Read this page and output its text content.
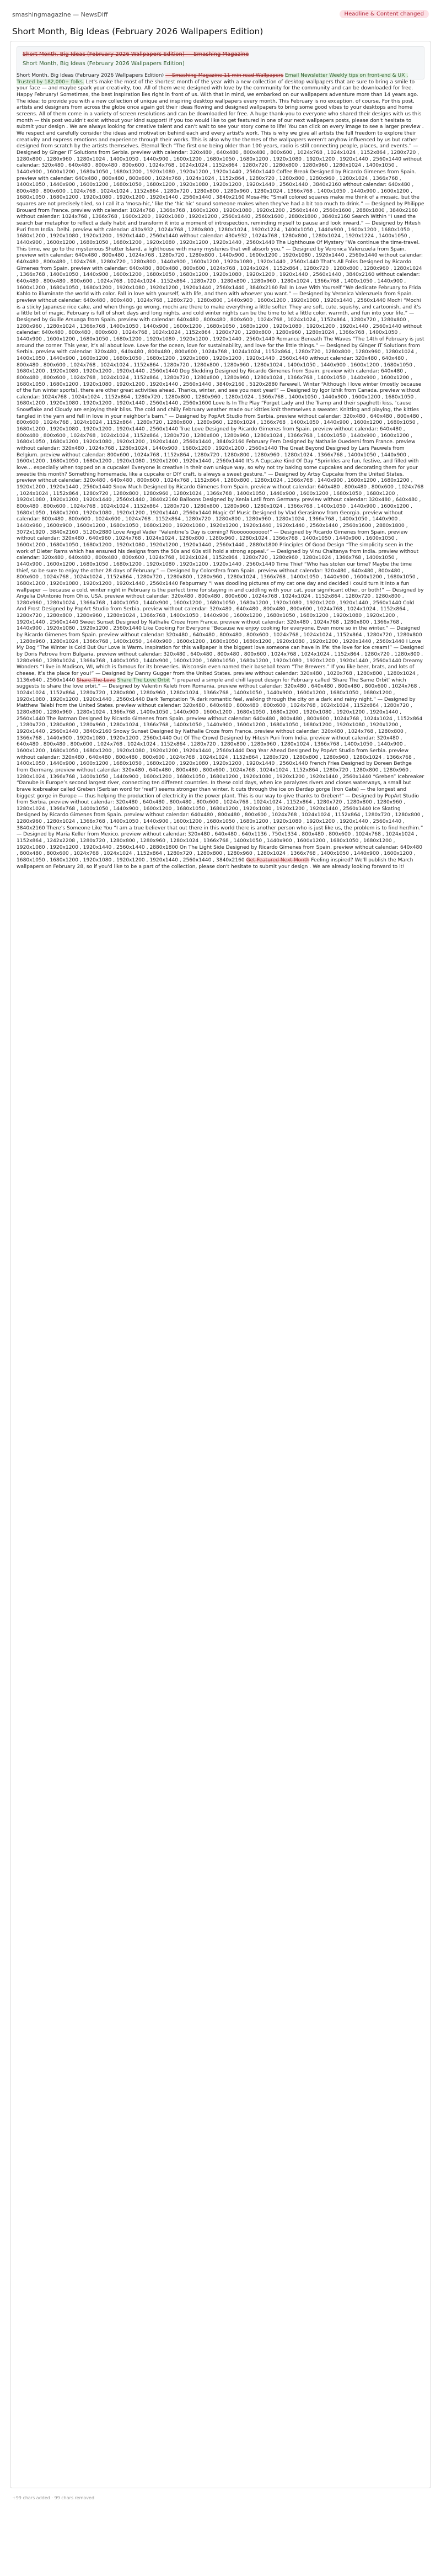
smashingmagazine — NewsDiff	Headline & Content changed
Short Month, Big Ideas (February 2026 Wallpapers Edition)
Short Month, Big Ideas (February 2026 Wallpapers Edition) — Smashing Magazine
Short Month, Big Ideas (February 2026 Wallpapers Edition)
Short Month, Big Ideas (February 2026 Wallpapers Edition) — Smashing Magazine 11 min read Wallpapers Email Newsletter Weekly tips on front-end & UX . Trusted by 182,000+ folks. Let's make the most of the shortest month of the year with a new collection of desktop wallpapers that are sure to bring a smile to your face — and maybe spark your creativity, too. All of them were designed with love by the community for the community and can be downloaded for free. Happy February! Sometimes, the best inspiration lies right in front of us. With that in mind, we embarked on our wallpapers adventure more than 14 years ago. The idea: to provide you with a new collection of unique and inspiring desktop wallpapers every month. This February is no exception, of course. For this post, artists and designers from across the globe once again got their ideas flowing and designed wallpapers to bring some good vibes to your desktops and home screens. All of them come in a variety of screen resolutions and can be downloaded for free. A huge thank-you to everyone who shared their designs with us this month — this post wouldn't exist without your kind support! If you too would like to get featured in one of our next wallpapers posts, please don't hesitate to submit your design . We are always looking for creative talent and can't wait to see your story come to life! You can click on every image to see a larger preview . We respect and carefully consider the ideas and motivation behind each and every artist's work. This is why we give all artists the full freedom to explore their creativity and express emotions and experience through their works. This is also why the themes of the wallpapers weren't anyhow influenced by us but rather designed from scratch by the artists themselves. Eternal Tech “The first one being older than 100 years, radio is still connecting people, places, and events.” — Designed by Ginger IT Solutions from Serbia. preview with calendar: 320x480 , 640x480 , 800x480 , 800x600 , 1024x768 , 1024x1024 , 1152x864 , 1280x720 , 1280x800 , 1280x960 , 1280x1024 , 1400x1050 , 1440x900 , 1600x1200 , 1680x1050 , 1680x1200 , 1920x1080 , 1920x1200 , 1920x1440 , 2560x1440 without calendar: 320x480 , 640x480 , 800x480 , 800x600 , 1024x768 , 1024x1024 , 1152x864 , 1280x720 , 1280x800 , 1280x960 , 1280x1024 , 1400x1050 , 1440x900 , 1600x1200 , 1680x1050 , 1680x1200 , 1920x1080 , 1920x1200 , 1920x1440 , 2560x1440 Coffee Break Designed by Ricardo Gimenes from Spain. preview with calendar: 640x480 , 800x480 , 800x600 , 1024x768 , 1024x1024 , 1152x864 , 1280x720 , 1280x800 , 1280x960 , 1280x1024 , 1366x768 , 1400x1050 , 1440x900 , 1600x1200 , 1680x1050 , 1680x1200 , 1920x1080 , 1920x1200 , 1920x1440 , 2560x1440 , 3840x2160 without calendar: 640x480 , 800x480 , 800x600 , 1024x768 , 1024x1024 , 1152x864 , 1280x720 , 1280x800 , 1280x960 , 1280x1024 , 1366x768 , 1400x1050 , 1440x900 , 1600x1200 , 1680x1050 , 1680x1200 , 1920x1080 , 1920x1200 , 1920x1440 , 2560x1440 , 3840x2160 Mosa-Hic “Small colored squares make me think of a mosaic, but the squares are not precisely tiled, so I call it a ‘mosa-hic,’ like the ‘hic hic’ sound someone makes when they've had a bit too much to drink.” — Designed by Philippe Brouard from France. preview with calendar: 1024x768 , 1366x768 , 1600x1200 , 1920x1080 , 1920x1200 , 2560x1440 , 2560x1600 , 2880x1800 , 3840x2160 without calendar: 1024x768 , 1366x768 , 1600x1200 , 1920x1080 , 1920x1200 , 2560x1440 , 2560x1600 , 2880x1800 , 3840x2160 Search Within “I used the search bar metaphor to reflect a daily habit and transform it into a moment of introspection, reminding myself to pause and look inward.” — Designed by Hitesh Puri from India. Delhi. preview with calendar: 430x932 , 1024x768 , 1280x800 , 1280x1024 , 1920x1224 , 1400x1050 , 1440x900 , 1600x1200 , 1680x1050 , 1680x1200 , 1920x1080 , 1920x1200 , 1920x1440 , 2560x1440 without calendar: 430x932 , 1024x768 , 1280x800 , 1280x1024 , 1920x1224 , 1400x1050 , 1440x900 , 1600x1200 , 1680x1050 , 1680x1200 , 1920x1080 , 1920x1200 , 1920x1440 , 2560x1440 The Lighthouse Of Mystery “We continue the time-travel. This time, we go to the mysterious Shutter Island, a lighthouse with many mysteries that will absorb you.” — Designed by Veronica Valenzuela from Spain. preview with calendar: 640x480 , 800x480 , 1024x768 , 1280x720 , 1280x800 , 1440x900 , 1600x1200 , 1920x1080 , 1920x1440 , 2560x1440 without calendar: 640x480 , 800x480 , 1024x768 , 1280x720 , 1280x800 , 1440x900 , 1600x1200 , 1920x1080 , 1920x1440 , 2560x1440 That's All Folks Designed by Ricardo Gimenes from Spain. preview with calendar: 640x480 , 800x480 , 800x600 , 1024x768 , 1024x1024 , 1152x864 , 1280x720 , 1280x800 , 1280x960 , 1280x1024 , 1366x768 , 1400x1050 , 1440x900 , 1600x1200 , 1680x1050 , 1680x1200 , 1920x1080 , 1920x1200 , 1920x1440 , 2560x1440 , 3840x2160 without calendar: 640x480 , 800x480 , 800x600 , 1024x768 , 1024x1024 , 1152x864 , 1280x720 , 1280x800 , 1280x960 , 1280x1024 , 1366x768 , 1400x1050 , 1440x900 , 1600x1200 , 1680x1050 , 1680x1200 , 1920x1080 , 1920x1200 , 1920x1440 , 2560x1440 , 3840x2160 Fall In Love With Yourself “We dedicate February to Frida Kahlo to illuminate the world with color. Fall in love with yourself, with life, and then with whoever you want.” — Designed by Veronica Valenzuela from Spain. preview without calendar: 640x480 , 800x480 , 1024x768 , 1280x720 , 1280x800 , 1440x900 , 1600x1200 , 1920x1080 , 1920x1440 , 2560x1440 Mochi “Mochi is a sticky Japanese rice cake, and when things go wrong, mochi are there to make everything a little softer. They are soft, cute, squishy, and cartoonish, and it's a little bit of magic. February is full of short days and long nights, and cold winter nights can be the time to let a little color, warmth, and fun into your life.” — Designed by Guille Arsuaga from Spain. preview with calendar: 640x480 , 800x480 , 800x600 , 1024x768 , 1024x1024 , 1152x864 , 1280x720 , 1280x800 , 1280x960 , 1280x1024 , 1366x768 , 1400x1050 , 1440x900 , 1600x1200 , 1680x1050 , 1680x1200 , 1920x1080 , 1920x1200 , 1920x1440 , 2560x1440 without calendar: 640x480 , 800x480 , 800x600 , 1024x768 , 1024x1024 , 1152x864 , 1280x720 , 1280x800 , 1280x960 , 1280x1024 , 1366x768 , 1400x1050 , 1440x900 , 1600x1200 , 1680x1050 , 1680x1200 , 1920x1080 , 1920x1200 , 1920x1440 , 2560x1440 Romance Beneath The Waves “The 14th of February is just around the corner. This year, it’s all about love. Love for the ocean, love for sustainability, and love for the little things.” — Designed by Ginger IT Solutions from Serbia. preview with calendar: 320x480 , 640x480 , 800x480 , 800x600 , 1024x768 , 1024x1024 , 1152x864 , 1280x720 , 1280x800 , 1280x960 , 1280x1024 , 1400x1050 , 1440x900 , 1600x1200 , 1680x1050 , 1680x1200 , 1920x1080 , 1920x1200 , 1920x1440 , 2560x1440 without calendar: 320x480 , 640x480 , 800x480 , 800x600 , 1024x768 , 1024x1024 , 1152x864 , 1280x720 , 1280x800 , 1280x960 , 1280x1024 , 1400x1050 , 1440x900 , 1600x1200 , 1680x1050 , 1680x1200 , 1920x1080 , 1920x1200 , 1920x1440 , 2560x1440 Dog Sledding Designed by Ricardo Gimenes from Spain. preview with calendar: 640x480 , 800x480 , 800x600 , 1024x768 , 1024x1024 , 1152x864 , 1280x720 , 1280x800 , 1280x960 , 1280x1024 , 1366x768 , 1400x1050 , 1440x900 , 1600x1200 , 1680x1050 , 1680x1200 , 1920x1080 , 1920x1200 , 1920x1440 , 2560x1440 , 3840x2160 , 5120x2880 Farewell, Winter “Although I love winter (mostly because of the fun winter sports), there are other great activities ahead. Thanks, winter, and see you next year!” — Designed by Igor Izhik from Canada. preview without calendar: 1024x768 , 1024x1024 , 1152x864 , 1280x720 , 1280x800 , 1280x960 , 1280x1024 , 1366x768 , 1400x1050 , 1440x900 , 1600x1200 , 1680x1050 , 1680x1200 , 1920x1080 , 1920x1200 , 1920x1440 , 2560x1440 , 2560x1600 Love Is In The Play “Forget Lady and the Tramp and their spaghetti kiss, ’cause Snowflake and Cloudy are enjoying their bliss. The cold and chilly February weather made our kitties knit themselves a sweater. Knitting and playing, the kitties tangled in the yarn and fell in love in your neighbor’s barn.” — Designed by PopArt Studio from Serbia. preview without calendar: 320x480 , 640x480 , 800x480 , 800x600 , 1024x768 , 1024x1024 , 1152x864 , 1280x720 , 1280x800 , 1280x960 , 1280x1024 , 1366x768 , 1400x1050 , 1440x900 , 1600x1200 , 1680x1050 , 1680x1200 , 1920x1080 , 1920x1200 , 1920x1440 , 2560x1440 True Love Designed by Ricardo Gimenes from Spain. preview without calendar: 640x480 , 800x480 , 800x600 , 1024x768 , 1024x1024 , 1152x864 , 1280x720 , 1280x800 , 1280x960 , 1280x1024 , 1366x768 , 1400x1050 , 1440x900 , 1600x1200 , 1680x1050 , 1680x1200 , 1920x1080 , 1920x1200 , 1920x1440 , 2560x1440 , 3840x2160 February Fern Designed by Nathalie Ouederni from France. preview without calendar: 320x480 , 1024x768 , 1280x1024 , 1440x900 , 1680x1200 , 1920x1200 , 2560x1440 The Great Beyond Designed by Lars Pauwels from Belgium. preview without calendar: 800x600 , 1024x768 , 1152x864 , 1280x720 , 1280x800 , 1280x960 , 1280x1024 , 1366x768 , 1400x1050 , 1440x900 , 1600x1200 , 1680x1050 , 1680x1200 , 1920x1080 , 1920x1200 , 1920x1440 , 2560x1440 It’s A Cupcake Kind Of Day “Sprinkles are fun, festive, and filled with love… especially when topped on a cupcake! Everyone is creative in their own unique way, so why not try baking some cupcakes and decorating them for your sweetie this month? Something homemade, like a cupcake or DIY craft, is always a sweet gesture.” — Designed by Artsy Cupcake from the United States. preview without calendar: 320x480 , 640x480 , 800x600 , 1024x768 , 1152x864 , 1280x800 , 1280x1024 , 1366x768 , 1440x900 , 1600x1200 , 1680x1200 , 1920x1200 , 1920x1440 , 2560x1440 Snow Much Designed by Ricardo Gimenes from Spain. preview without calendar: 640x480 , 800x480 , 800x600 , 1024x768 , 1024x1024 , 1152x864 , 1280x720 , 1280x800 , 1280x960 , 1280x1024 , 1366x768 , 1400x1050 , 1440x900 , 1600x1200 , 1680x1050 , 1680x1200 , 1920x1080 , 1920x1200 , 1920x1440 , 2560x1440 , 3840x2160 Balloons Designed by Xenia Latii from Germany. preview without calendar: 320x480 , 640x480 , 800x480 , 800x600 , 1024x768 , 1024x1024 , 1152x864 , 1280x720 , 1280x800 , 1280x960 , 1280x1024 , 1366x768 , 1400x1050 , 1440x900 , 1600x1200 , 1680x1050 , 1680x1200 , 1920x1080 , 1920x1200 , 1920x1440 , 2560x1440 Magic Of Music Designed by Vlad Gerasimov from Georgia. preview without calendar: 800x480 , 800x600 , 1024x600 , 1024x768 , 1152x864 , 1280x720 , 1280x800 , 1280x960 , 1280x1024 , 1366x768 , 1400x1050 , 1440x900 , 1440x960 , 1600x900 , 1600x1200 , 1680x1050 , 1680x1200 , 1920x1080 , 1920x1200 , 1920x1440 , 1920x1440 , 2560x1440 , 2560x1600 , 2880x1800 , 3072x1920 , 3840x2160 , 5120x2880 Love Angel Vader “Valentine’s Day is coming? Nooooooooooo!” — Designed by Ricardo Gimenes from Spain. preview without calendar: 320x480 , 640x960 , 1024x768 , 1024x1024 , 1280x800 , 1280x960 , 1280x1024 , 1366x768 , 1400x1050 , 1440x900 , 1600x1050 , 1600x1200 , 1680x1050 , 1680x1200 , 1920x1080 , 1920x1200 , 1920x1440 , 2560x1440 , 2880x1800 Principles Of Good Design “The simplicity seen in the work of Dieter Rams which has ensured his designs from the 50s and 60s still hold a strong appeal.” — Designed by Vinu Chaitanya from India. preview without calendar: 320x480 , 640x480 , 800x480 , 800x600 , 1024x768 , 1024x1024 , 1152x864 , 1280x720 , 1280x960 , 1280x1024 , 1366x768 , 1400x1050 , 1440x900 , 1600x1200 , 1680x1050 , 1680x1200 , 1920x1080 , 1920x1200 , 1920x1440 , 2560x1440 Time Thief “Who has stolen our time? Maybe the time thief, so be sure to enjoy the other 28 days of February.” — Designed by Colorsfera from Spain. preview without calendar: 320x480 , 640x480 , 800x480 , 800x600 , 1024x768 , 1024x1024 , 1152x864 , 1280x720 , 1280x800 , 1280x960 , 1280x1024 , 1366x768 , 1400x1050 , 1440x900 , 1600x1200 , 1680x1050 , 1680x1200 , 1920x1080 , 1920x1200 , 1920x1440 , 2560x1440 Febpurrary “I was doodling pictures of my cat one day and decided I could turn it into a fun wallpaper — because a cold, winter night in February is the perfect time for staying in and cuddling with your cat, your significant other, or both!” — Designed by Angelia DiAntonio from Ohio, USA. preview without calendar: 320x480 , 800x480 , 800x600 , 1024x768 , 1024x1024 , 1152x864 , 1280x720 , 1280x800 , 1280x960 , 1280x1024 , 1366x768 , 1400x1050 , 1440x900 , 1600x1200 , 1680x1050 , 1680x1200 , 1920x1080 , 1920x1200 , 1920x1440 , 2560x1440 Cold And Frost Designed by PopArt Studio from Serbia. preview without calendar: 320x480 , 640x480 , 800x480 , 800x600 , 1024x768 , 1024x1024 , 1152x864 , 1280x720 , 1280x800 , 1280x960 , 1280x1024 , 1366x768 , 1400x1050 , 1440x900 , 1600x1200 , 1680x1050 , 1680x1200 , 1920x1080 , 1920x1200 , 1920x1440 , 2560x1440 Sweet Sunset Designed by Nathalie Croze from France. preview without calendar: 320x480 , 1024x768 , 1280x800 , 1366x768 , 1440x900 , 1920x1080 , 1920x1200 , 2560x1440 Like Cooking For Everyone “Because we enjoy cooking for everyone. Even more so in the winter.” — Designed by Ricardo Gimenes from Spain. preview without calendar: 320x480 , 640x480 , 800x480 , 800x600 , 1024x768 , 1024x1024 , 1152x864 , 1280x720 , 1280x800 , 1280x960 , 1280x1024 , 1366x768 , 1400x1050 , 1440x900 , 1600x1200 , 1680x1050 , 1680x1200 , 1920x1080 , 1920x1200 , 1920x1440 , 2560x1440 I Love My Dog “The Winter Is Cold But Our Love Is Warm. Inspiration for this wallpaper is the biggest love someone can have in life: the love for ice cream!” — Designed by Doris Petrova from Bulgaria. preview without calendar: 320x480 , 640x480 , 800x480 , 800x600 , 1024x768 , 1024x1024 , 1152x864 , 1280x720 , 1280x800 , 1280x960 , 1280x1024 , 1366x768 , 1400x1050 , 1440x900 , 1600x1200 , 1680x1050 , 1680x1200 , 1920x1080 , 1920x1200 , 1920x1440 , 2560x1440 Dreamy Wonders “I live in Madison, WI, which is famous for its breweries. Wisconsin even named their baseball team “The Brewers.” If you like beer, brats, and lots of cheese, it’s the place for you!” — Designed by Danny Gugger from the United States. preview without calendar: 320x480 , 1020x768 , 1280x800 , 1280x1024 , 1136x640 , 2560x1440 Share The Love Share The Love Orbit “I prepared a simple and chill layout design for February called ‘Share The Same Orbit’ which suggests to share the love orbit.” — Designed by Valentin Keleti from Romania. preview without calendar: 320x480 , 640x480 , 800x480 , 800x600 , 1024x768 , 1024x1024 , 1152x864 , 1280x720 , 1280x800 , 1280x960 , 1280x1024 , 1366x768 , 1400x1050 , 1440x900 , 1600x1200 , 1680x1050 , 1680x1200 , 1920x1080 , 1920x1200 , 1920x1440 , 2560x1440 Dark Temptation “A dark romantic feel, walking through the city on a dark and rainy night.” — Designed by Matthew Talebi from the United States. preview without calendar: 320x480 , 640x480 , 800x480 , 800x600 , 1024x768 , 1024x1024 , 1152x864 , 1280x720 , 1280x800 , 1280x960 , 1280x1024 , 1366x768 , 1400x1050 , 1440x900 , 1600x1200 , 1680x1050 , 1680x1200 , 1920x1080 , 1920x1200 , 1920x1440 , 2560x1440 The Batman Designed by Ricardo Gimenes from Spain. preview without calendar: 640x480 , 800x480 , 800x600 , 1024x768 , 1024x1024 , 1152x864 , 1280x720 , 1280x800 , 1280x960 , 1280x1024 , 1366x768 , 1400x1050 , 1440x900 , 1600x1200 , 1680x1050 , 1680x1200 , 1920x1080 , 1920x1200 , 1920x1440 , 2560x1440 , 3840x2160 Snowy Sunset Designed by Nathalie Croze from France. preview without calendar: 320x480 , 1024x768 , 1280x800 , 1366x768 , 1440x900 , 1920x1080 , 1920x1200 , 2560x1440 Out Of The Crowd Designed by Hitesh Puri from India. preview without calendar: 320x480 , 640x480 , 800x480 , 800x600 , 1024x768 , 1024x1024 , 1152x864 , 1280x720 , 1280x800 , 1280x960 , 1280x1024 , 1366x768 , 1400x1050 , 1440x900 , 1600x1200 , 1680x1050 , 1680x1200 , 1920x1080 , 1920x1200 , 1920x1440 , 2560x1440 Dog Year Ahead Designed by PopArt Studio from Serbia. preview without calendar: 320x480 , 640x480 , 800x480 , 800x600 , 1024x768 , 1024x1024 , 1152x864 , 1280x720 , 1280x800 , 1280x960 , 1280x1024 , 1366x768 , 1400x1050 , 1440x900 , 1600x1200 , 1680x1050 , 1680x1200 , 1920x1080 , 1920x1200 , 1920x1440 , 2560x1440 French Fries Designed by Doreen Bethge from Germany. preview without calendar: 320x480 , 640x480 , 800x480 , 800x600 , 1024x768 , 1024x1024 , 1152x864 , 1280x720 , 1280x800 , 1280x960 , 1280x1024 , 1366x768 , 1400x1050 , 1440x900 , 1600x1200 , 1680x1050 , 1680x1200 , 1920x1080 , 1920x1200 , 1920x1440 , 2560x1440 “Greben” Icebreaker “Danube is Europe’s second largest river, connecting ten different countries. In these cold days, when ice paralyzes rivers and closes waterways, a small but brave icebreaker called Greben (Serbian word for ‘reef’) seems stronger than winter. It cuts through the ice on Đerdap gorge (Iron Gate) — the longest and biggest gorge in Europe — thus helping the production of electricity in the power plant. This is our way to give thanks to Greben!” — Designed by PopArt Studio from Serbia. preview without calendar: 320x480 , 640x480 , 800x480 , 800x600 , 1024x768 , 1024x1024 , 1152x864 , 1280x720 , 1280x800 , 1280x960 , 1280x1024 , 1366x768 , 1400x1050 , 1440x900 , 1600x1200 , 1680x1050 , 1680x1200 , 1920x1080 , 1920x1200 , 1920x1440 , 2560x1440 Ice Skating Designed by Ricardo Gimenes from Spain. preview without calendar: 640x480 , 800x480 , 800x600 , 1024x768 , 1024x1024 , 1152x864 , 1280x720 , 1280x800 , 1280x960 , 1280x1024 , 1366x768 , 1400x1050 , 1440x900 , 1600x1200 , 1680x1050 , 1680x1200 , 1920x1080 , 1920x1200 , 1920x1440 , 2560x1440 , 3840x2160 There’s Someone Like You “I am a true believer that out there in this world there is another person who is just like us, the problem is to find her/him.” — Designed by Maria Keller from Mexico. preview without calendar: 320x480 , 640x480 , 640x1136 , 750x1334 , 800x480 , 800x600 , 1024x768 , 1024x1024 , 1152x864 , 1242x2208 , 1280x720 , 1280x800 , 1280x960 , 1280x1024 , 1366x768 , 1400x1050 , 1440x900 , 1600x1200 , 1680x1050 , 1680x1200 , 1920x1080 , 1920x1200 , 1920x1440 , 2560x1440 , 2880x1800 On The Light Side Designed by Ricardo Gimenes from Spain. preview without calendar: 640x480 , 800x480 , 800x600 , 1024x768 , 1024x1024 , 1152x864 , 1280x720 , 1280x800 , 1280x960 , 1280x1024 , 1366x768 , 1400x1050 , 1440x900 , 1600x1200 , 1680x1050 , 1680x1200 , 1920x1080 , 1920x1200 , 1920x1440 , 2560x1440 , 3840x2160 Get Featured Next Month Feeling inspired? We'll publish the March wallpapers on February 28, so if you'd like to be a part of the collection, please don't hesitate to submit your design . We are already looking forward to it!
+99 chars added · 99 chars removed
